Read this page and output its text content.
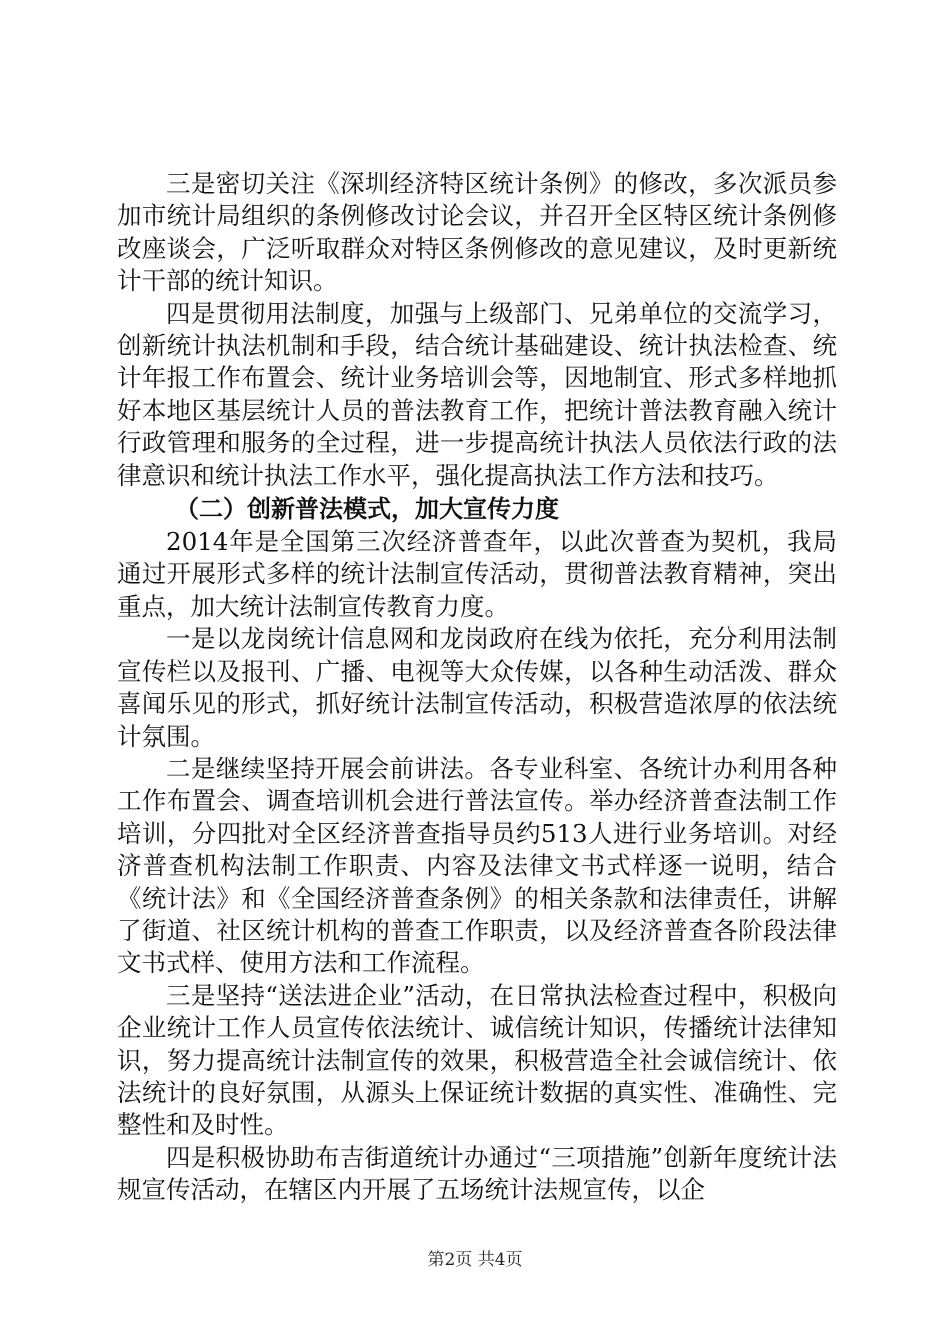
三是密切关注《深圳经济特区统计条例》的修改，多次派员参加市统计局组织的条例修改讨论会议，并召开全区特区统计条例修改座谈会，广泛听取群众对特区条例修改的意见建议，及时更新统计干部的统计知识。

四是贯彻用法制度，加强与上级部门、兄弟单位的交流学习，创新统计执法机制和手段，结合统计基础建设、统计执法检查、统计年报工作布置会、统计业务培训会等，因地制宜、形式多样地抓好本地区基层统计人员的普法教育工作，把统计普法教育融入统计行政管理和服务的全过程，进一步提高统计执法人员依法行政的法律意识和统计执法工作水平，强化提高执法工作方法和技巧。

（二）创新普法模式，加大宣传力度

2014年是全国第三次经济普查年，以此次普查为契机，我局通过开展形式多样的统计法制宣传活动，贯彻普法教育精神，突出重点，加大统计法制宣传教育力度。

一是以龙岗统计信息网和龙岗政府在线为依托，充分利用法制宣传栏以及报刊、广播、电视等大众传媒，以各种生动活泼、群众喜闻乐见的形式，抓好统计法制宣传活动，积极营造浓厚的依法统计氛围。

二是继续坚持开展会前讲法。各专业科室、各统计办利用各种工作布置会、调查培训机会进行普法宣传。举办经济普查法制工作培训，分四批对全区经济普查指导员约513人进行业务培训。对经济普查机构法制工作职责、内容及法律文书式样逐一说明，结合《统计法》和《全国经济普查条例》的相关条款和法律责任，讲解了街道、社区统计机构的普查工作职责，以及经济普查各阶段法律文书式样、使用方法和工作流程。

三是坚持“送法进企业”活动，在日常执法检查过程中，积极向企业统计工作人员宣传依法统计、诚信统计知识，传播统计法律知识，努力提高统计法制宣传的效果，积极营造全社会诚信统计、依法统计的良好氛围，从源头上保证统计数据的真实性、准确性、完整性和及时性。

四是积极协助布吉街道统计办通过“三项措施”创新年度统计法规宣传活动，在辖区内开展了五场统计法规宣传，以企

第2页 共4页
